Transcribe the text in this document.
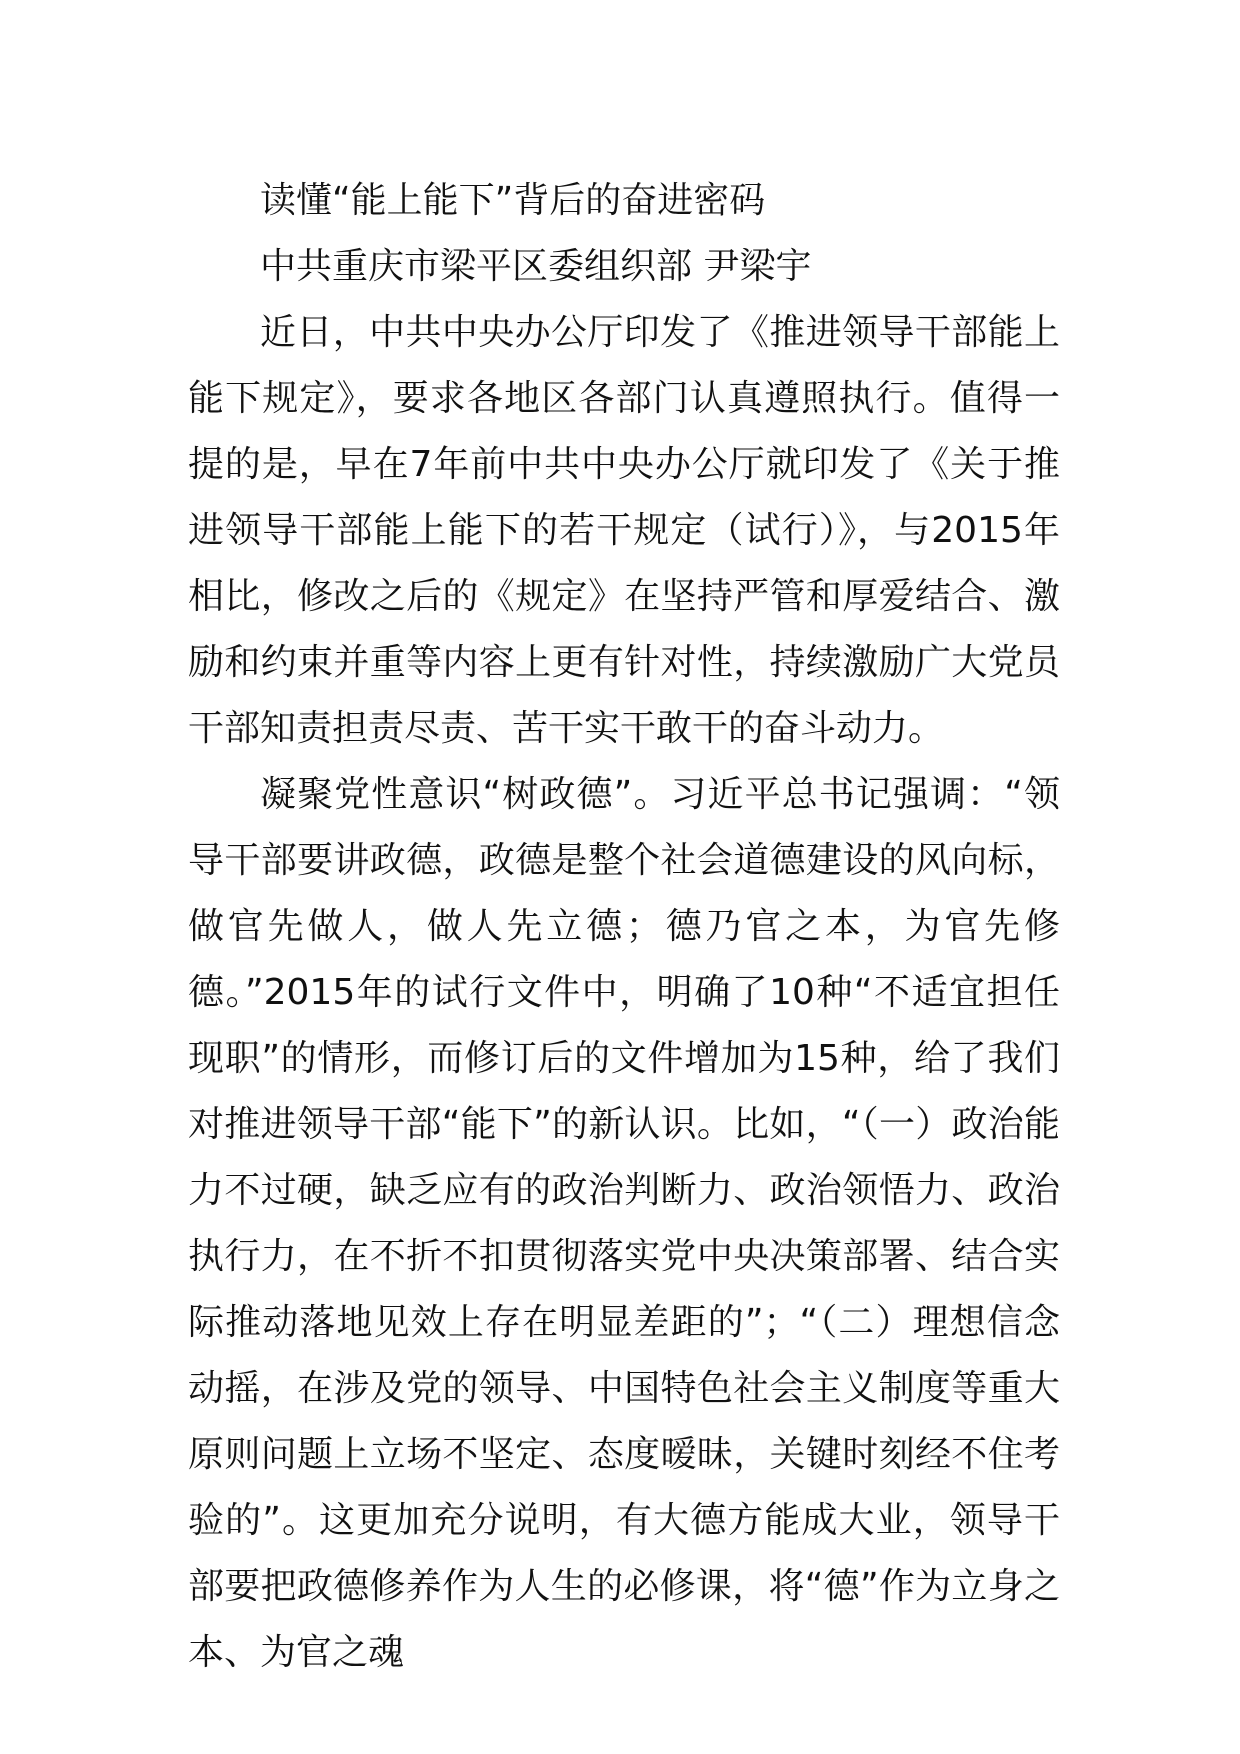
读懂“能上能下”背后的奋进密码
中共重庆市梁平区委组织部 尹梁宇

近日，中共中央办公厅印发了《推进领导干部能上能下规定》，要求各地区各部门认真遵照执行。值得一提的是，早在7年前中共中央办公厅就印发了《关于推进领导干部能上能下的若干规定（试行）》，与2015年相比，修改之后的《规定》在坚持严管和厚爱结合、激励和约束并重等内容上更有针对性，持续激励广大党员干部知责担责尽责、苦干实干敢干的奋斗动力。

凝聚党性意识“树政德”。习近平总书记强调：“领导干部要讲政德，政德是整个社会道德建设的风向标，做官先做人，做人先立德；德乃官之本，为官先修德。”2015年的试行文件中，明确了10种“不适宜担任现职”的情形，而修订后的文件增加为15种，给了我们对推进领导干部“能下”的新认识。比如，“（一）政治能力不过硬，缺乏应有的政治判断力、政治领悟力、政治执行力，在不折不扣贯彻落实党中央决策部署、结合实际推动落地见效上存在明显差距的”；“（二）理想信念动摇，在涉及党的领导、中国特色社会主义制度等重大原则问题上立场不坚定、态度暧昧，关键时刻经不住考验的”。这更加充分说明，有大德方能成大业，领导干部要把政德修养作为人生的必修课，将“德”作为立身之本、为官之魂
